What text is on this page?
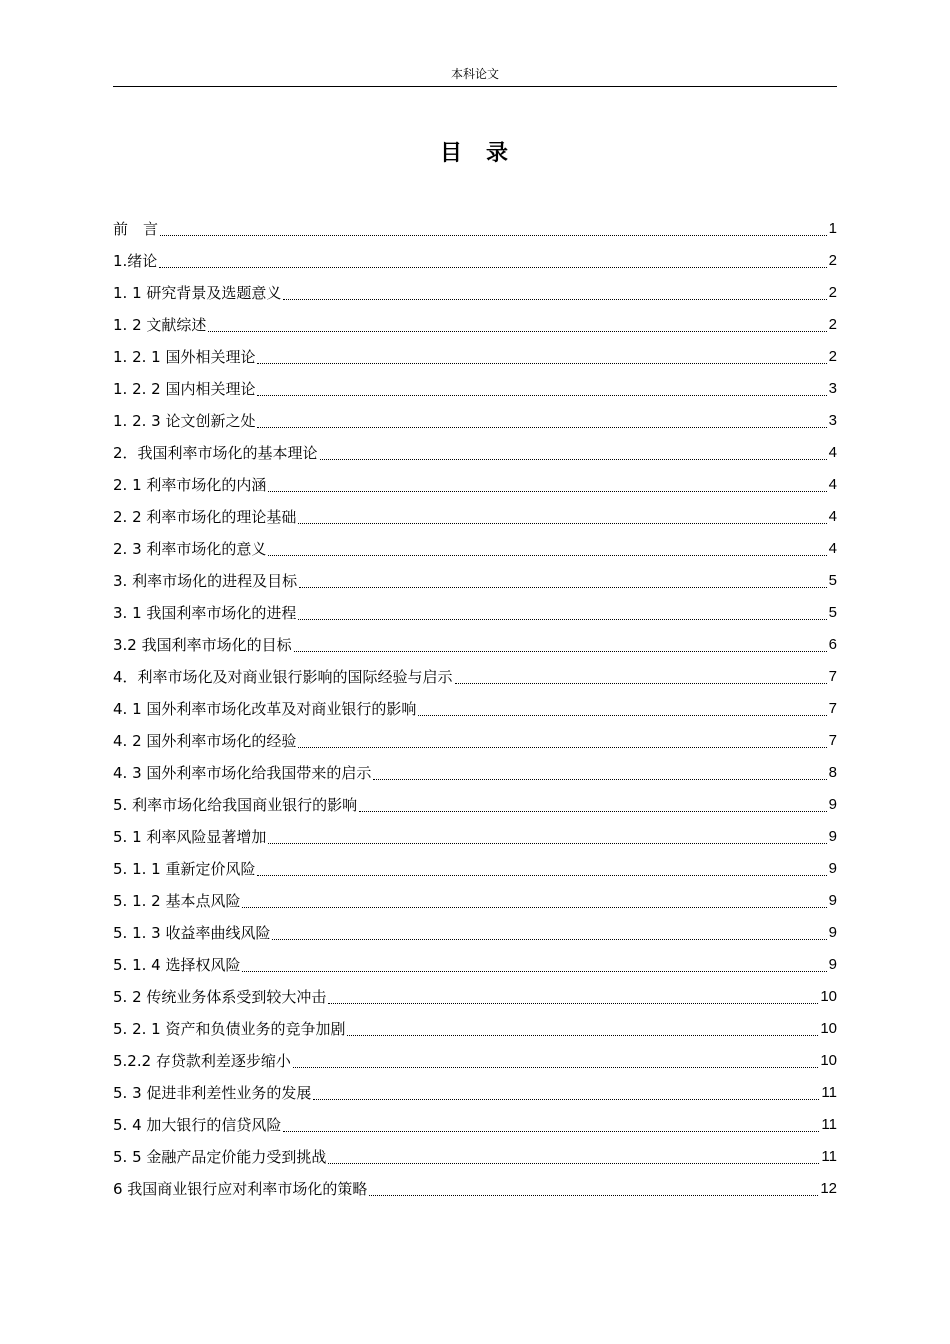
本科论文
目 录
前　言	1
1.绪论	2
1. 1 研究背景及选题意义	2
1. 2 文献综述	2
1. 2. 1 国外相关理论	2
1. 2. 2 国内相关理论	3
1. 2. 3 论文创新之处	3
2．我国利率市场化的基本理论	4
2. 1 利率市场化的内涵	4
2. 2 利率市场化的理论基础	4
2. 3 利率市场化的意义	4
3. 利率市场化的进程及目标	5
3. 1 我国利率市场化的进程	5
3.2 我国利率市场化的目标	6
4．利率市场化及对商业银行影响的国际经验与启示	7
4. 1 国外利率市场化改革及对商业银行的影响	7
4. 2 国外利率市场化的经验	7
4. 3 国外利率市场化给我国带来的启示	8
5. 利率市场化给我国商业银行的影响	9
5. 1 利率风险显著增加	9
5. 1. 1 重新定价风险	9
5. 1. 2 基本点风险	9
5. 1. 3 收益率曲线风险	9
5. 1. 4 选择权风险	9
5. 2 传统业务体系受到较大冲击	10
5. 2. 1 资产和负债业务的竞争加剧	10
5.2.2 存贷款利差逐步缩小	10
5. 3 促进非利差性业务的发展	11
5. 4 加大银行的信贷风险	11
5. 5 金融产品定价能力受到挑战	11
6 我国商业银行应对利率市场化的策略	12
